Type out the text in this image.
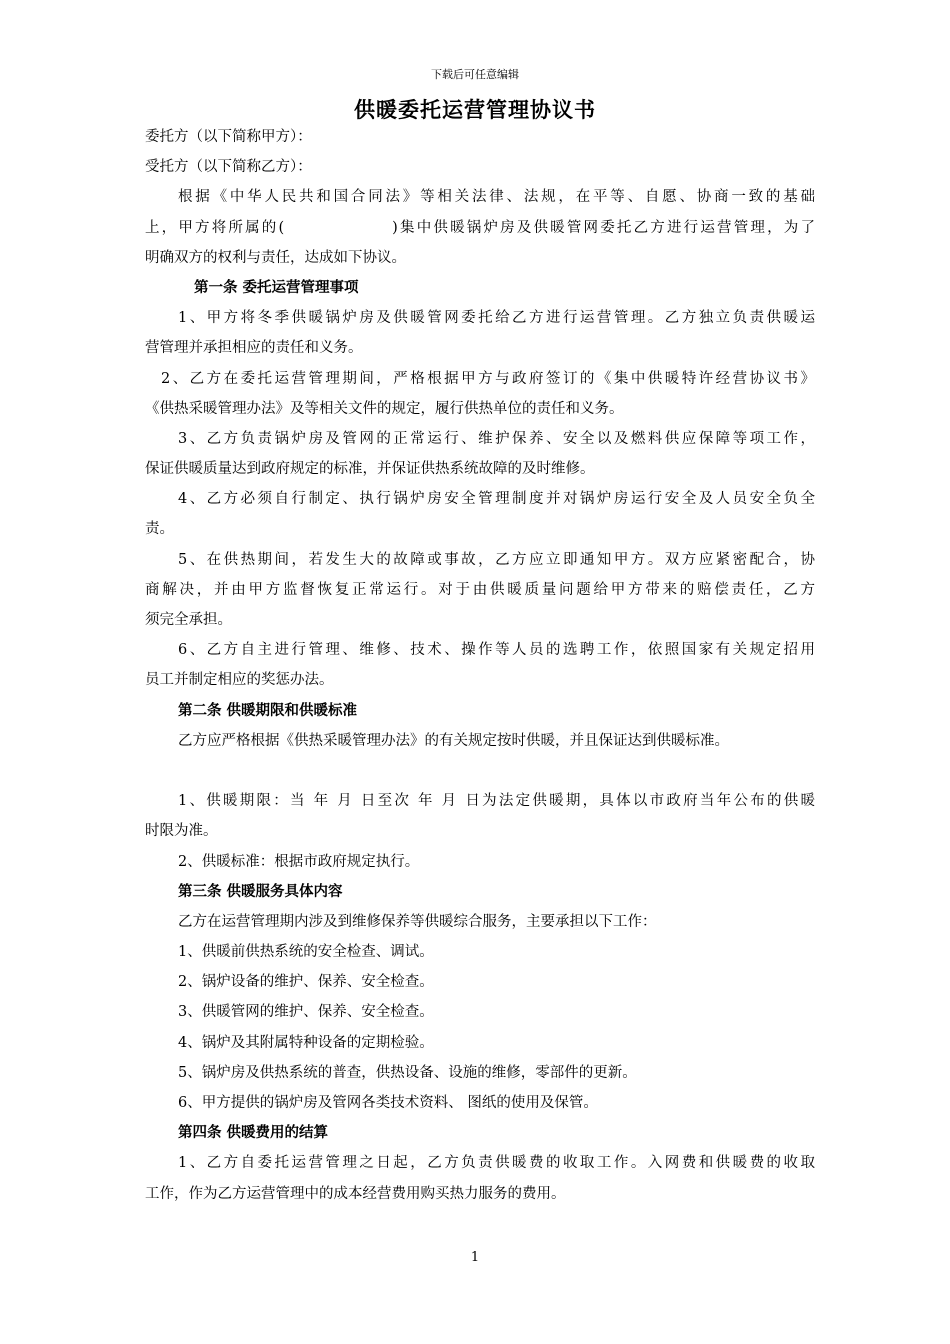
下载后可任意编辑
供暖委托运营管理协议书
委托方（以下简称甲方）：
受托方（以下简称乙方）：
根据《中华人民共和国合同法》等相关法律、法规，在平等、自愿、协商一致的基础
上，甲方将所属的(	)集中供暖锅炉房及供暖管网委托乙方进行运营管理，为了
明确双方的权利与责任，达成如下协议。
第一条 委托运营管理事项
1、甲方将冬季供暖锅炉房及供暖管网委托给乙方进行运营管理。乙方独立负责供暖运
营管理并承担相应的责任和义务。
2、乙方在委托运营管理期间，严格根据甲方与政府签订的《集中供暖特许经营协议书》
《供热采暖管理办法》及等相关文件的规定，履行供热单位的责任和义务。
3、乙方负责锅炉房及管网的正常运行、维护保养、安全以及燃料供应保障等项工作，
保证供暖质量达到政府规定的标准，并保证供热系统故障的及时维修。
4、乙方必须自行制定、执行锅炉房安全管理制度并对锅炉房运行安全及人员安全负全
责。
5、在供热期间，若发生大的故障或事故，乙方应立即通知甲方。双方应紧密配合，协
商解决，并由甲方监督恢复正常运行。对于由供暖质量问题给甲方带来的赔偿责任，乙方
须完全承担。
6、乙方自主进行管理、维修、技术、操作等人员的选聘工作，依照国家有关规定招用
员工并制定相应的奖惩办法。
第二条 供暖期限和供暖标准
乙方应严格根据《供热采暖管理办法》的有关规定按时供暖，并且保证达到供暖标准。
1、供暖期限：当 年 月 日至次 年 月 日为法定供暖期，具体以市政府当年公布的供暖
时限为准。
2、供暖标准：根据市政府规定执行。
第三条 供暖服务具体内容
乙方在运营管理期内涉及到维修保养等供暖综合服务，主要承担以下工作：
1、供暖前供热系统的安全检查、调试。
2、锅炉设备的维护、保养、安全检查。
3、供暖管网的维护、保养、安全检查。
4、锅炉及其附属特种设备的定期检验。
5、锅炉房及供热系统的普查，供热设备、设施的维修，零部件的更新。
6、甲方提供的锅炉房及管网各类技术资料、 图纸的使用及保管。
第四条 供暖费用的结算
1、乙方自委托运营管理之日起，乙方负责供暖费的收取工作。入网费和供暖费的收取
工作，作为乙方运营管理中的成本经营费用购买热力服务的费用。
1
